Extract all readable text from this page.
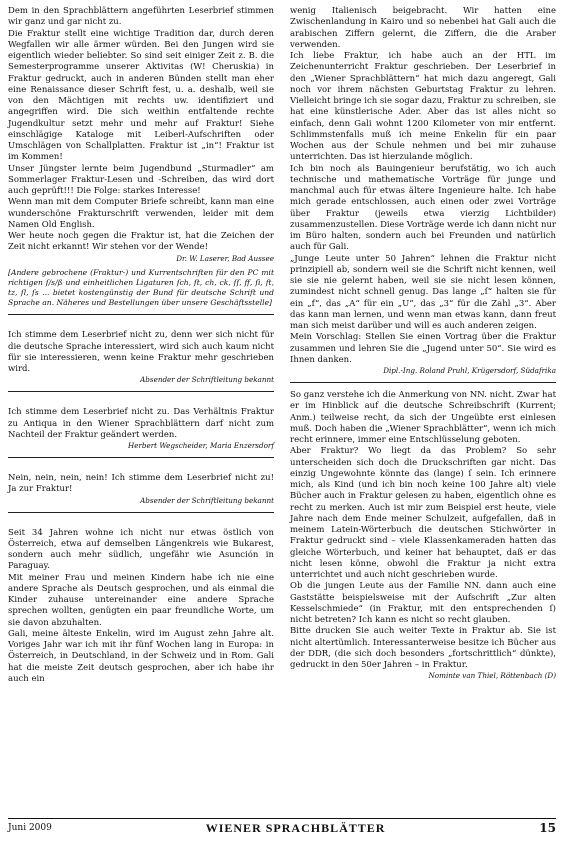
Dem in den Sprachblättern angeführten Leserbrief stimmen wir ganz und gar nicht zu.

Die Fraktur stellt eine wichtige Tradition dar, durch deren Wegfallen wir alle ärmer würden. Bei den Jungen wird sie eigentlich wieder beliebter. So sind seit einiger Zeit z. B. die Semesterprogramme unserer Aktivitas (W! Cheruskia) in Fraktur gedruckt, auch in anderen Bünden stellt man eher eine Renaissance dieser Schrift fest, u. a. deshalb, weil sie von den Mächtigen mit rechts uw. identifiziert und angegriffen wird. Die sich weithin entfaltende rechte Jugendkultur setzt mehr und mehr auf Fraktur! Siehe einschlägige Kataloge mit Leiberl-Aufschriften oder Umschlägen von Schallplatten. Fraktur ist „in“! Fraktur ist im Kommen!

Unser Jüngster lernte beim Jugendbund „Sturmadler“ am Sommerlager Fraktur-Lesen und -Schreiben, das wird dort auch geprüft!!! Die Folge: starkes Interesse!

Wenn man mit dem Computer Briefe schreibt, kann man eine wunderschöne Frakturschrift verwenden, leider mit dem Namen Old English.

Wer heute noch gegen die Fraktur ist, hat die Zeichen der Zeit nicht erkannt! Wir stehen vor der Wende!

Dr. W. Laserer, Bad Aussee

[Andere gebrochene (Fraktur-) und Kurrentschriften für den PC mit richtigen ſ/s/ß und einheitlichen Ligaturen ſch, ſt, ch, ck, ſſ, ff, ſi, ft, tz, ſl, ſs ... bietet kostengünstig der Bund für deutsche Schrift und Sprache an. Näheres und Bestellungen über unsere Geschäftsstelle]

Ich stimme dem Leserbrief nicht zu, denn wer sich nicht für die deutsche Sprache interessiert, wird sich auch kaum nicht für sie interessieren, wenn keine Fraktur mehr geschrieben wird.

Absender der Schriftleitung bekannt

Ich stimme dem Leserbrief nicht zu. Das Verhältnis Fraktur zu Antiqua in den Wiener Sprachblättern darf nicht zum Nachteil der Fraktur geändert werden.

Herbert Wegscheider, Maria Enzersdorf

Nein, nein, nein, nein! Ich stimme dem Leserbrief nicht zu! Ja zur Fraktur!

Absender der Schriftleitung bekannt

Seit 34 Jahren wohne ich nicht nur etwas östlich von Österreich, etwa auf demselben Längenkreis wie Bukarest, sondern auch mehr südlich, ungefähr wie Asunción in Paraguay.

Mit meiner Frau und meinen Kindern habe ich nie eine andere Sprache als Deutsch gesprochen, und als einmal die Kinder zuhause untereinander eine andere Sprache sprechen wollten, genügten ein paar freundliche Worte, um sie davon abzuhalten.

Gali, meine älteste Enkelin, wird im August zehn Jahre alt. Voriges Jahr war ich mit ihr fünf Wochen lang in Europa: in Österreich, in Deutschland, in der Schweiz und in Rom. Gali hat die meiste Zeit deutsch gesprochen, aber ich habe ihr auch ein

wenig Italienisch beigebracht. Wir hatten eine Zwischenlandung in Kairo und so nebenbei hat Gali auch die arabischen Ziffern gelernt, die Ziffern, die die Araber verwenden.

Ich liebe Fraktur, ich habe auch an der HTL im Zeichenunterricht Fraktur geschrieben. Der Leserbrief in den „Wiener Sprachblättern“ hat mich dazu angeregt, Gali noch vor ihrem nächsten Geburtstag Fraktur zu lehren. Vielleicht bringe ich sie sogar dazu, Fraktur zu schreiben, sie hat eine künstlerische Ader. Aber das ist alles nicht so einfach, denn Gali wohnt 1200 Kilometer von mir entfernt. Schlimmstenfalls muß ich meine Enkelin für ein paar Wochen aus der Schule nehmen und bei mir zuhause unterrichten. Das ist hierzulande möglich.

Ich bin noch als Bauingenieur berufstätig, wo ich auch technische und mathematische Vorträge für junge und manchmal auch für etwas ältere Ingenieure halte. Ich habe mich gerade entschlossen, auch einen oder zwei Vorträge über Fraktur (jeweils etwa vierzig Lichtbilder) zusammenzustellen. Diese Vorträge werde ich dann nicht nur im Büro halten, sondern auch bei Freunden und natürlich auch für Gali.

„Junge Leute unter 50 Jahren“ lehnen die Fraktur nicht prinzipiell ab, sondern weil sie die Schrift nicht kennen, weil sie sie nie gelernt haben, weil sie sie nicht lesen können, zumindest nicht schnell genug. Das lange „ſ“ halten sie für ein „f“, das „A“ für ein „U“, das „3“ für die Zahl „3“. Aber das kann man lernen, und wenn man etwas kann, dann freut man sich meist darüber und will es auch anderen zeigen.

Mein Vorschlag: Stellen Sie einen Vortrag über die Fraktur zusammen und lehren Sie die „Jugend unter 50“. Sie wird es Ihnen danken.

Dipl.-Ing. Roland Pruhl, Krügersdorf, Südafrika

So ganz verstehe ich die Anmerkung von NN. nicht. Zwar hat er im Hinblick auf die deutsche Schreibschrift (Kurrent; Anm.) teilweise recht, da sich der Ungeübte erst einlesen muß. Doch haben die „Wiener Sprachblätter“, wenn ich mich recht erinnere, immer eine Entschlüsselung geboten.

Aber Fraktur? Wo liegt da das Problem? So sehr unterscheiden sich doch die Druckschriften gar nicht. Das einzig Ungewohnte könnte das (lange) ſ sein. Ich erinnere mich, als Kind (und ich bin noch keine 100 Jahre alt) viele Bücher auch in Fraktur gelesen zu haben, eigentlich ohne es recht zu merken. Auch ist mir zum Beispiel erst heute, viele Jahre nach dem Ende meiner Schulzeit, aufgefallen, daß in meinem Latein-Wörterbuch die deutschen Stichwörter in Fraktur gedruckt sind – viele Klassenkameraden hatten das gleiche Wörterbuch, und keiner hat behauptet, daß er das nicht lesen könne, obwohl die Fraktur ja nicht extra unterrichtet und auch nicht geschrieben wurde.

Ob die jungen Leute aus der Familie NN. dann auch eine Gaststätte beispielsweise mit der Aufschrift „Zur alten Kesselschmiede“ (in Fraktur, mit den entsprechenden ſ) nicht betreten? Ich kann es nicht so recht glauben.

Bitte drucken Sie auch weiter Texte in Fraktur ab. Sie ist nicht altertümlich. Interessanterweise besitze ich Bücher aus der DDR, (die sich doch besonders „fortschrittlich“ dünkte), gedruckt in den 50er Jahren – in Fraktur.

Nominte van Thiel, Röttenbach (D)

Juni 2009	WIENER SPRACHBLÄTTER	15
